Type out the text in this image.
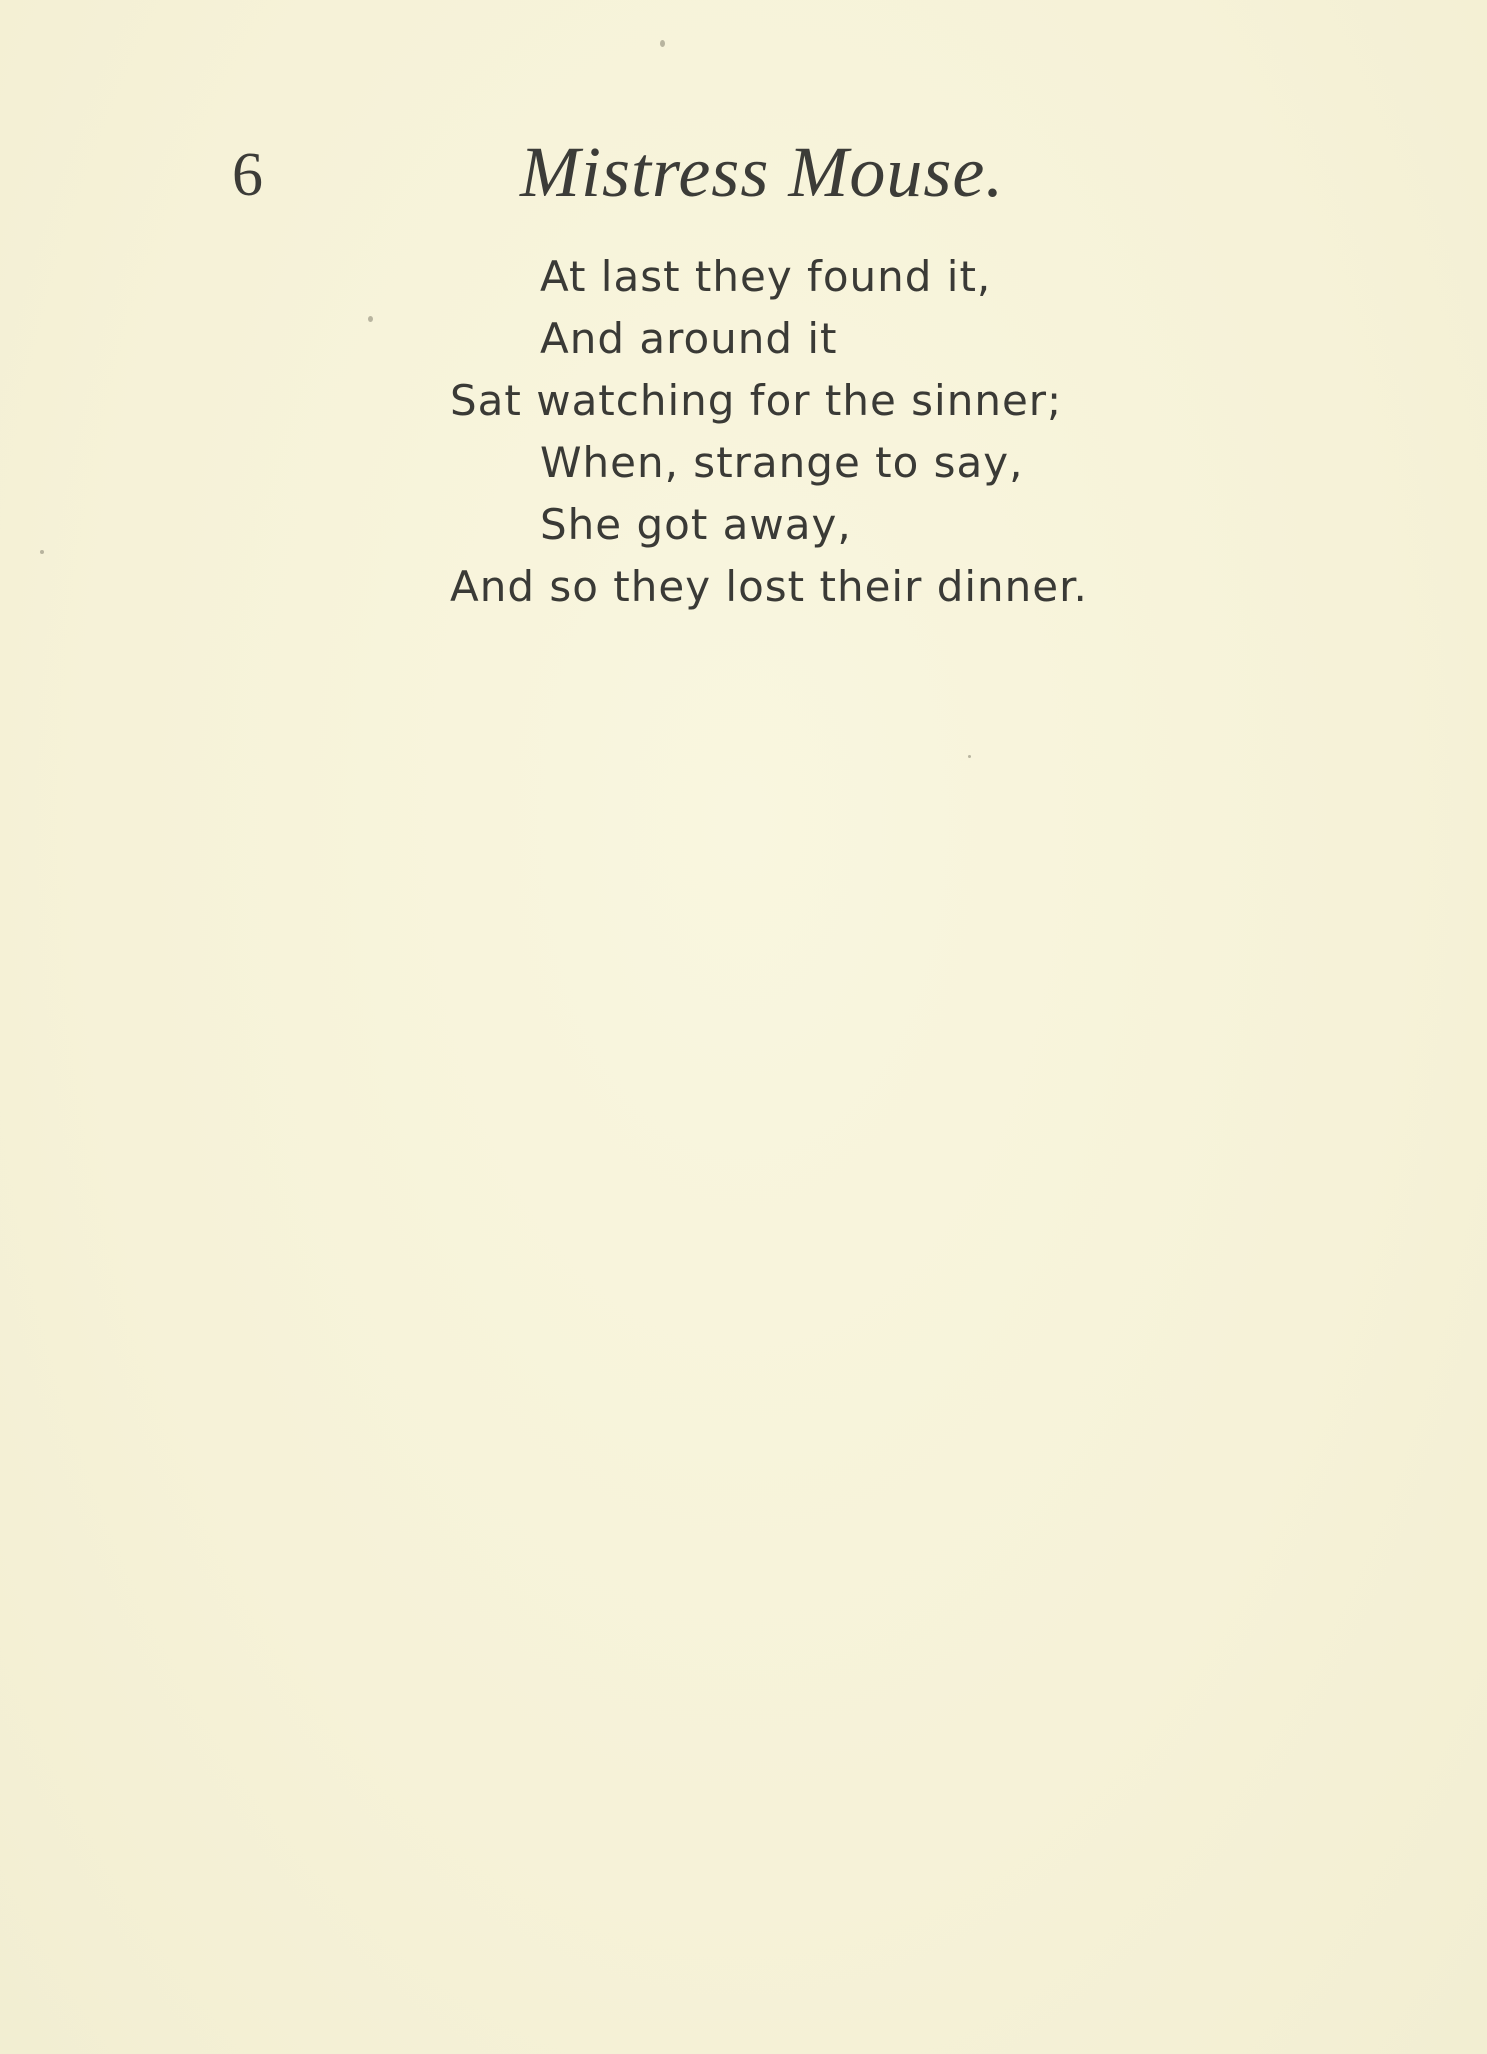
6	Mistress Mouse.
At last they found it,
And around it
Sat watching for the sinner;
When, strange to say,
She got away,
And so they lost their dinner.
